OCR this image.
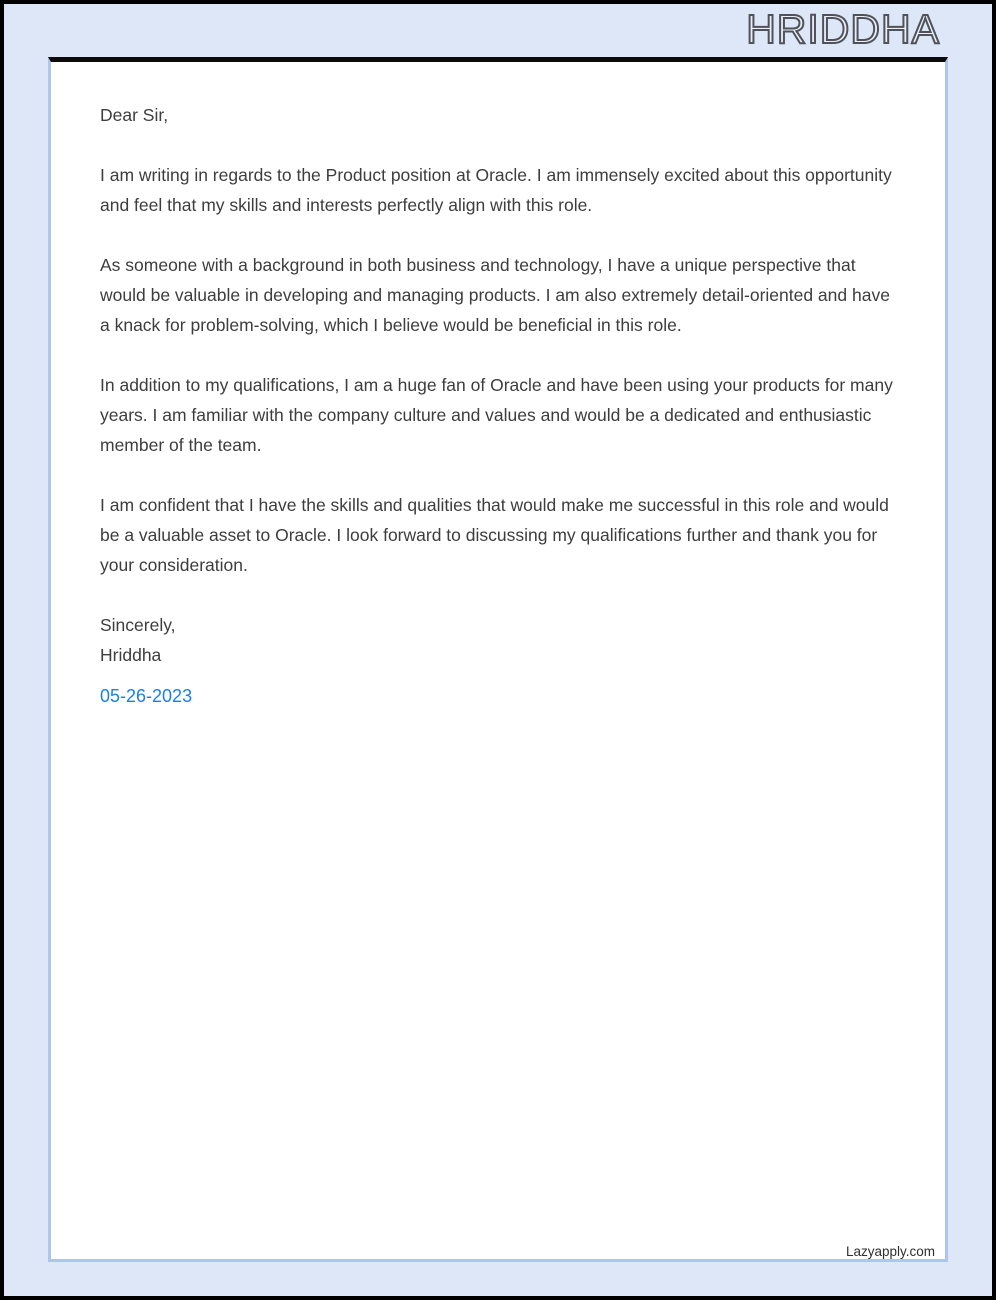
HRIDDHA

Dear Sir,

I am writing in regards to the Product position at Oracle. I am immensely excited about this opportunity and feel that my skills and interests perfectly align with this role.

As someone with a background in both business and technology, I have a unique perspective that would be valuable in developing and managing products. I am also extremely detail-oriented and have a knack for problem-solving, which I believe would be beneficial in this role.

In addition to my qualifications, I am a huge fan of Oracle and have been using your products for many years. I am familiar with the company culture and values and would be a dedicated and enthusiastic member of the team.

I am confident that I have the skills and qualities that would make me successful in this role and would be a valuable asset to Oracle. I look forward to discussing my qualifications further and thank you for your consideration.

Sincerely,

Hriddha

05-26-2023
Lazyapply.com
